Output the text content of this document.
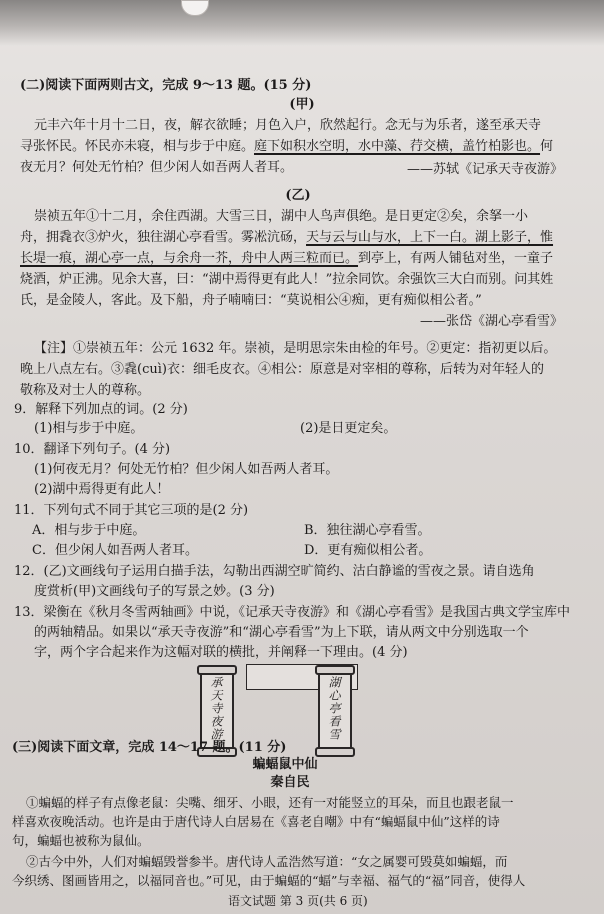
(二)阅读下面两则古文，完成 9～13 题。(15 分)
(甲)
元丰六年十月十二日，夜，解衣欲睡；月色入户，欣然起行。念无与为乐者，遂至承天寺
寻张怀民。怀民亦未寝，相与步于中庭。庭下如积水空明，水中藻、荇交横，盖竹柏影也。何
夜无月？何处无竹柏？但少闲人如吾两人者耳。	——苏轼《记承天寺夜游》
(乙)
崇祯五年①十二月，余住西湖。大雪三日，湖中人鸟声俱绝。是日更定②矣，余拏一小
舟，拥毳衣③炉火，独往湖心亭看雪。雾凇沆砀，天与云与山与水，上下一白。湖上影子，惟
长堤一痕，湖心亭一点，与余舟一芥，舟中人两三粒而已。到亭上，有两人铺毡对坐，一童子
烧酒，炉正沸。见余大喜，曰：“湖中焉得更有此人！”拉余同饮。余强饮三大白而别。问其姓
氏，是金陵人，客此。及下船，舟子喃喃曰：“莫说相公④痴，更有痴似相公者。”
——张岱《湖心亭看雪》
【注】①崇祯五年：公元 1632 年。崇祯，是明思宗朱由检的年号。②更定：指初更以后。
晚上八点左右。③毳(cuì)衣：细毛皮衣。④相公：原意是对宰相的尊称，后转为对年轻人的
敬称及对士人的尊称。
9．解释下列加点的词。(2 分)
(1)相与步于中庭。	(2)是日更定矣。
10．翻译下列句子。(4 分)
(1)何夜无月？何处无竹柏？但少闲人如吾两人者耳。
(2)湖中焉得更有此人！
11．下列句式不同于其它三项的是(2 分)
A．相与步于中庭。	B．独往湖心亭看雪。
C．但少闲人如吾两人者耳。	D．更有痴似相公者。
12．(乙)文画线句子运用白描手法，勾勒出西湖空旷简约、沽白静谧的雪夜之景。请自选角
度赏析(甲)文画线句子的写景之妙。(3 分)
13．梁衡在《秋月冬雪两轴画》中说，《记承天寺夜游》和《湖心亭看雪》是我国古典文学宝库中
的两轴精品。如果以“承天寺夜游”和“湖心亭看雪”为上下联，请从两文中分别选取一个
字，两个字合起来作为这幅对联的横批，并阐释一下理由。(4 分)
承天寺夜游	湖心亭看雪
(三)阅读下面文章，完成 14～17 题。(11 分)
蝙蝠鼠中仙
秦自民
①蝙蝠的样子有点像老鼠：尖嘴、细牙、小眼，还有一对能竖立的耳朵，而且也跟老鼠一
样喜欢夜晚活动。也许是由于唐代诗人白居易在《喜老自嘲》中有“蝙蝠鼠中仙”这样的诗
句，蝙蝠也被称为鼠仙。
②古今中外，人们对蝙蝠毁誉参半。唐代诗人孟浩然写道：“女之属婴可毁莫如蝙蝠，而
今织绣、图画皆用之，以福同音也。”可见，由于蝙蝠的“蝠”与幸福、福气的“福”同音，使得人
语文试题 第 3 页(共 6 页)
